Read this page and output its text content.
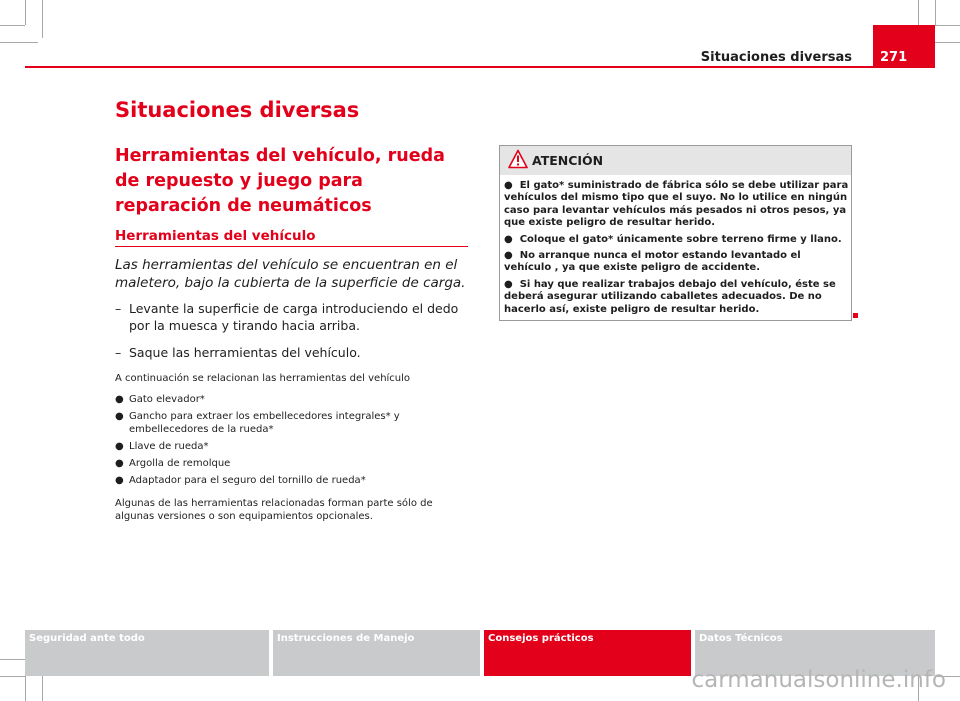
Situaciones diversas 271
Situaciones diversas
Herramientas del vehículo, rueda de repuesto y juego para reparación de neumáticos
Herramientas del vehículo
Las herramientas del vehículo se encuentran en el maletero, bajo la cubierta de la superficie de carga.
– Levante la superficie de carga introduciendo el dedo por la muesca y tirando hacia arriba.
– Saque las herramientas del vehículo.
A continuación se relacionan las herramientas del vehículo
● Gato elevador*
● Gancho para extraer los embellecedores integrales* y embellecedores de la rueda*
● Llave de rueda*
● Argolla de remolque
● Adaptador para el seguro del tornillo de rueda*
Algunas de las herramientas relacionadas forman parte sólo de algunas versiones o son equipamientos opcionales.
ATENCIÓN
●  El gato* suministrado de fábrica sólo se debe utilizar para vehículos del mismo tipo que el suyo. No lo utilice en ningún caso para levantar vehículos más pesados ni otros pesos, ya que existe peligro de resultar herido.
●  Coloque el gato* únicamente sobre terreno firme y llano.
●  No arranque nunca el motor estando levantado el vehículo , ya que existe peligro de accidente.
●  Si hay que realizar trabajos debajo del vehículo, éste se deberá asegurar utilizando caballetes adecuados. De no hacerlo así, existe peligro de resultar herido.
Seguridad ante todo	Instrucciones de Manejo	Consejos prácticos	Datos Técnicos
carmanualsonline.info
